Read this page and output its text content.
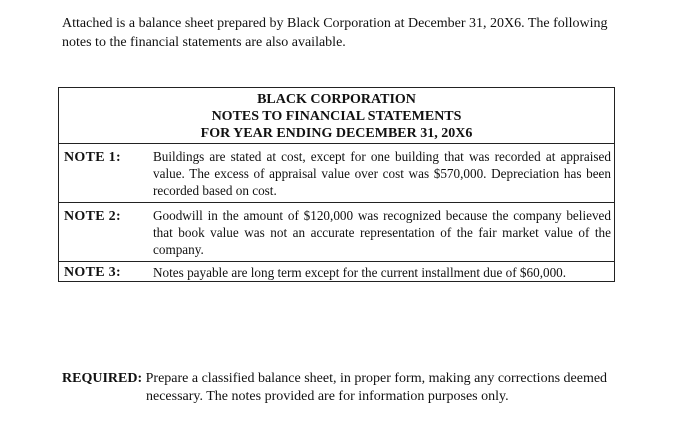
Attached is a balance sheet prepared by Black Corporation at December 31, 20X6. The following
notes to the financial statements are also available.
BLACK CORPORATION
NOTES TO FINANCIAL STATEMENTS
FOR YEAR ENDING DECEMBER 31, 20X6
NOTE 1: Buildings are stated at cost, except for one building that was recorded at appraised value. The excess of appraisal value over cost was $570,000. Depreciation has been recorded based on cost.
NOTE 2: Goodwill in the amount of $120,000 was recognized because the company believed that book value was not an accurate representation of the fair market value of the company.
NOTE 3: Notes payable are long term except for the current installment due of $60,000.
REQUIRED: Prepare a classified balance sheet, in proper form, making any corrections deemed
necessary. The notes provided are for information purposes only.
